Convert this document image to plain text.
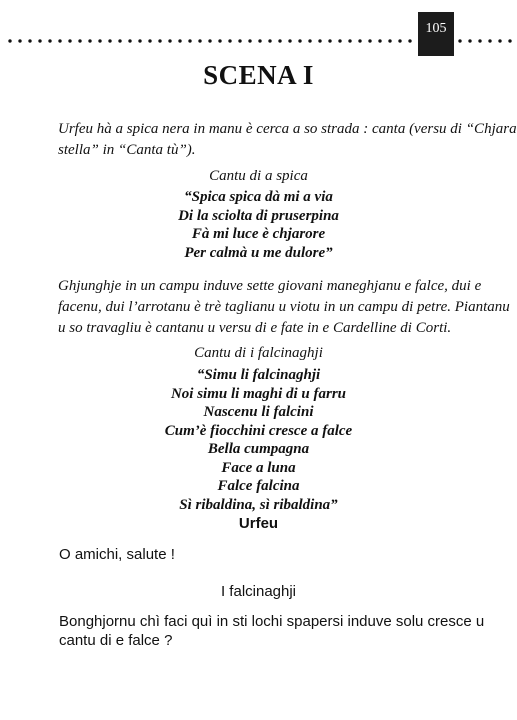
105
SCENA I

Urfeu hà a spica nera in manu è cerca a so strada : canta (versu di “Chjara
stella” in “Canta tù”).

Cantu di a spica
“Spica spica dà mi a via
Di la sciolta di pruserpina
Fà mi luce è chjarore
Per calmà u me dulore”

Ghjunghje in un campu induve sette giovani maneghjanu e falce, dui e
facenu, dui l’arrotanu è trè taglianu u viotu in un campu di petre. Piantanu
u so travagliu è cantanu u versu di e fate in e Cardelline di Corti.

Cantu di i falcinaghji
“Simu li falcinaghji
Noi simu li maghi di u farru
Nascenu li falcini
Cum’è fiocchini cresce a falce
Bella cumpagna
Face a luna
Falce falcina
Sì ribaldina, sì ribaldina”
Urfeu

O amichi, salute !

I falcinaghji

Bonghjornu chì faci quì in sti lochi spapersi induve solu cresce u
cantu di e falce ?
